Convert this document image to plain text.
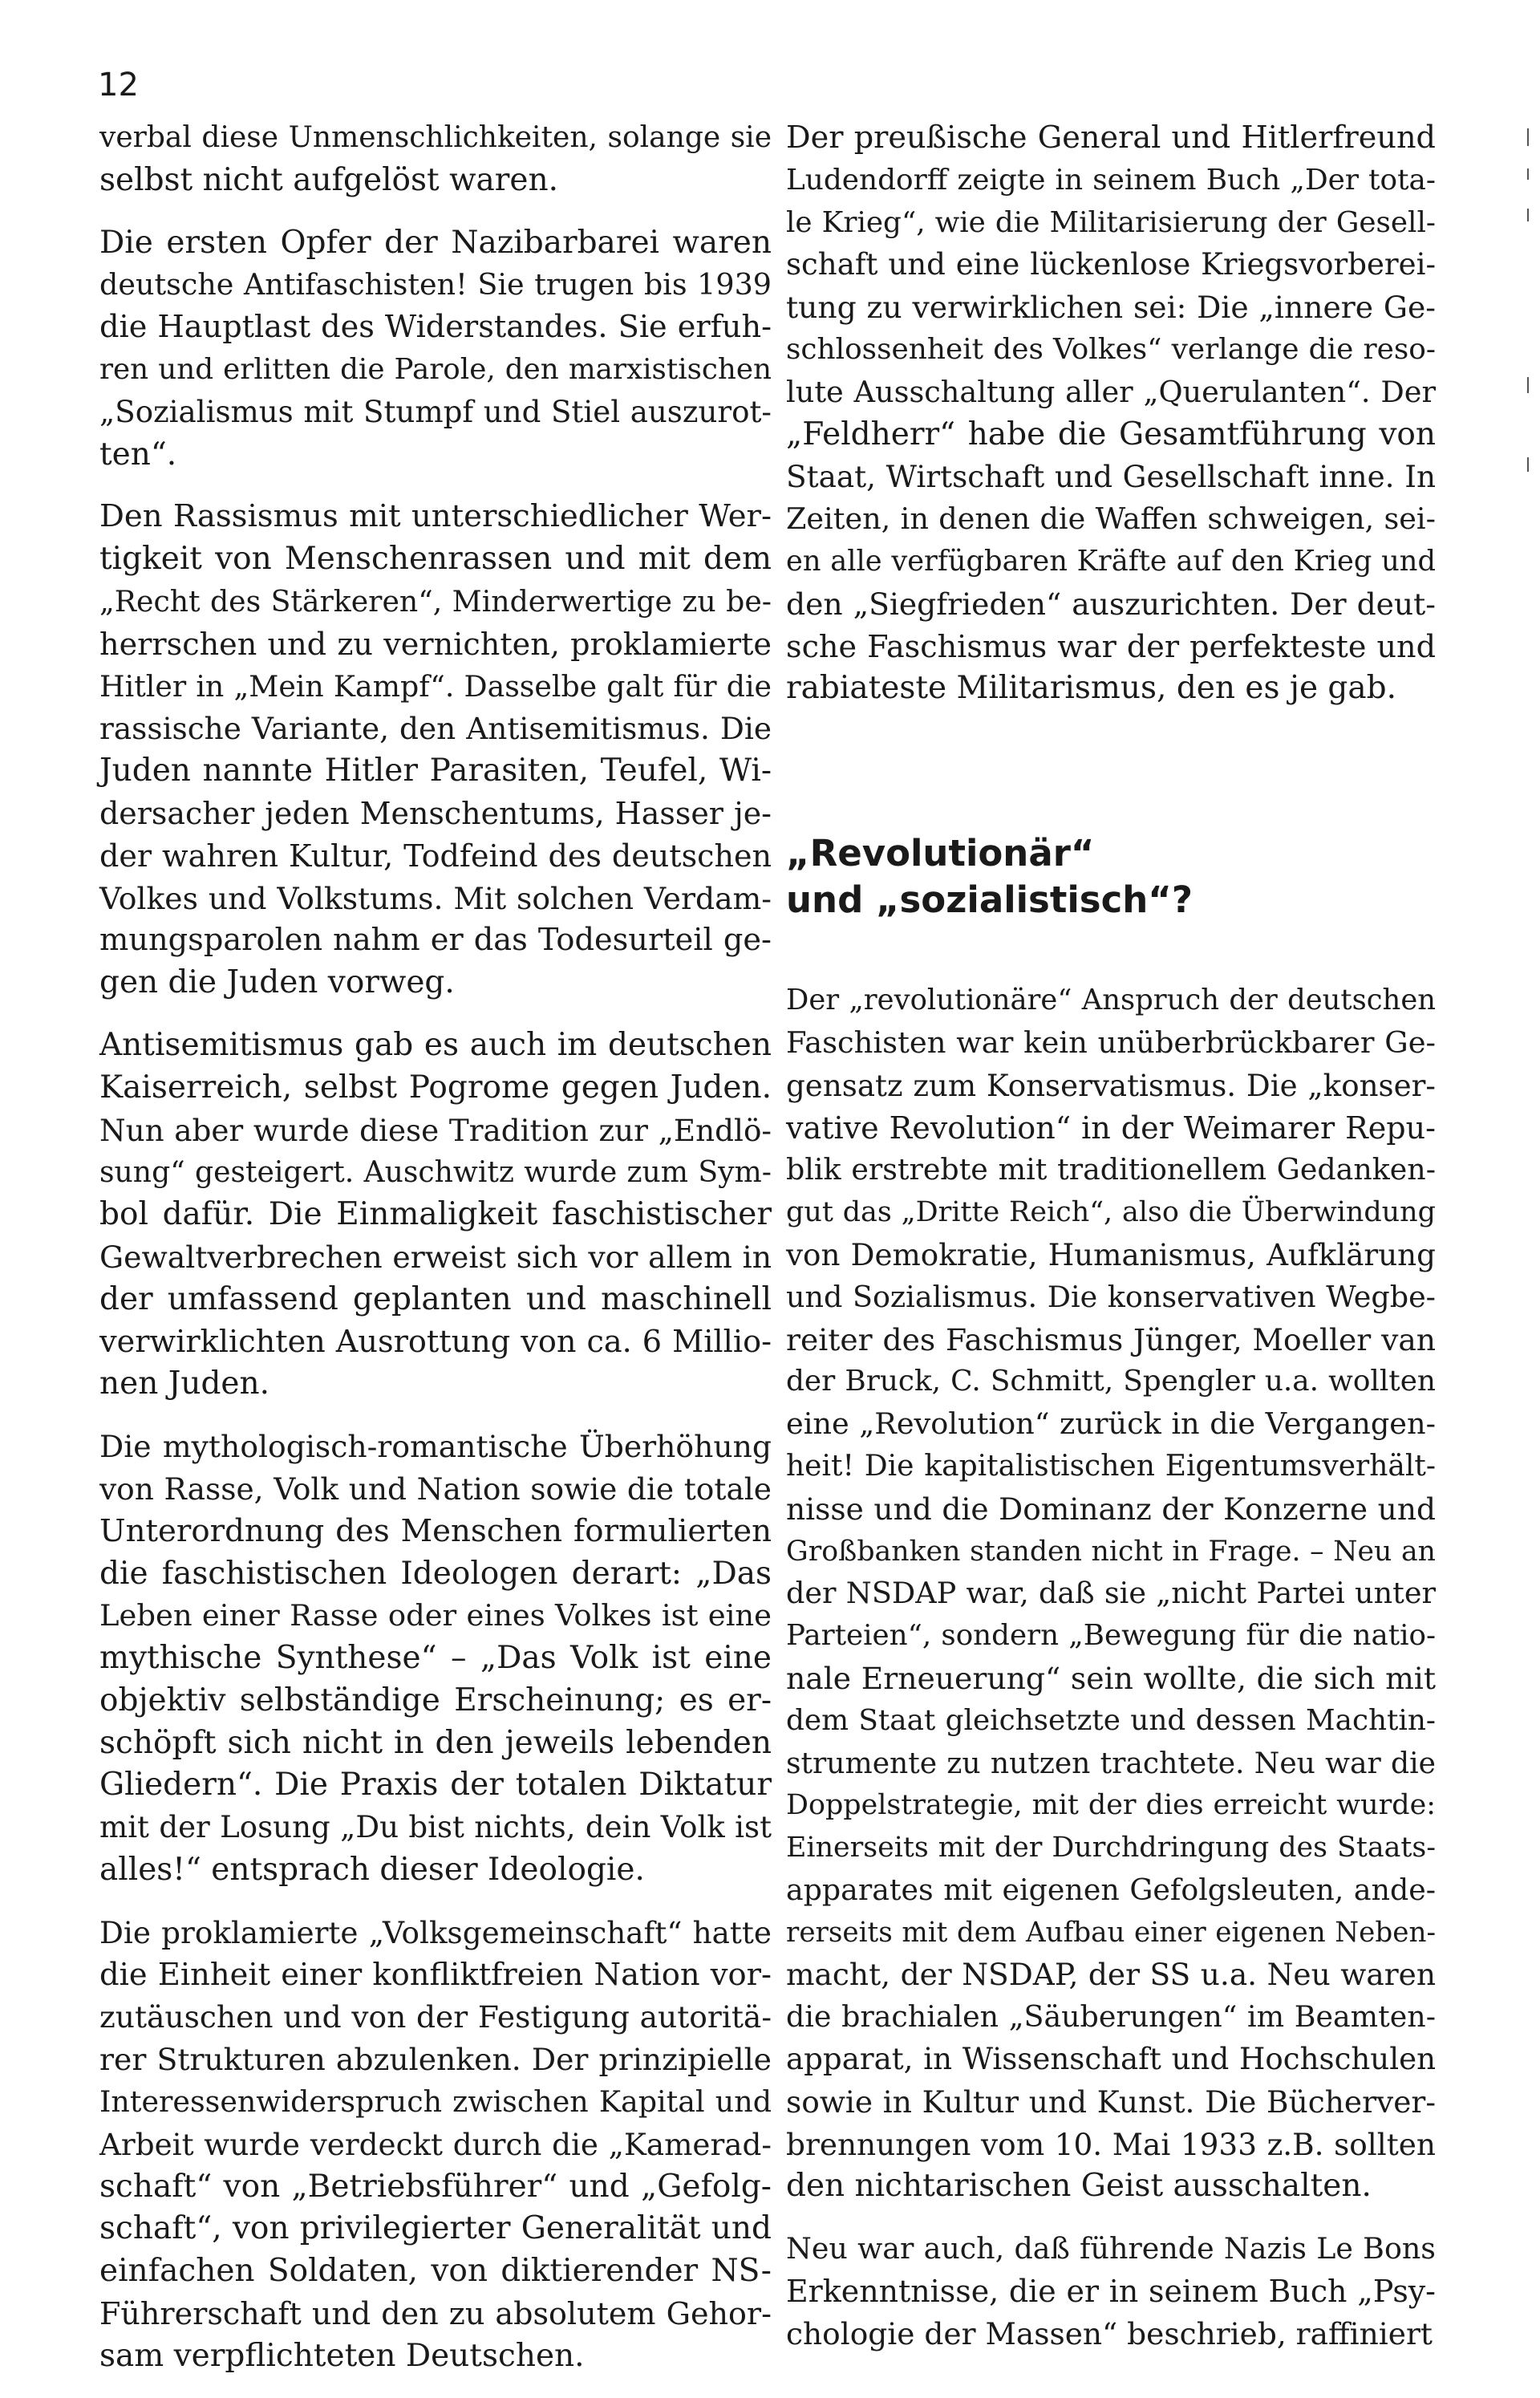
12
verbal diese Unmenschlichkeiten, solange sie
selbst nicht aufgelöst waren.
Die ersten Opfer der Nazibarbarei waren
deutsche Antifaschisten! Sie trugen bis 1939
die Hauptlast des Widerstandes. Sie erfuh-
ren und erlitten die Parole, den marxistischen
„Sozialismus mit Stumpf und Stiel auszurot-
ten“.
Den Rassismus mit unterschiedlicher Wer-
tigkeit von Menschenrassen und mit dem
„Recht des Stärkeren“, Minderwertige zu be-
herrschen und zu vernichten, proklamierte
Hitler in „Mein Kampf“. Dasselbe galt für die
rassische Variante, den Antisemitismus. Die
Juden nannte Hitler Parasiten, Teufel, Wi-
dersacher jeden Menschentums, Hasser je-
der wahren Kultur, Todfeind des deutschen
Volkes und Volkstums. Mit solchen Verdam-
mungsparolen nahm er das Todesurteil ge-
gen die Juden vorweg.
Antisemitismus gab es auch im deutschen
Kaiserreich, selbst Pogrome gegen Juden.
Nun aber wurde diese Tradition zur „Endlö-
sung“ gesteigert. Auschwitz wurde zum Sym-
bol dafür. Die Einmaligkeit faschistischer
Gewaltverbrechen erweist sich vor allem in
der umfassend geplanten und maschinell
verwirklichten Ausrottung von ca. 6 Millio-
nen Juden.
Die mythologisch-romantische Überhöhung
von Rasse, Volk und Nation sowie die totale
Unterordnung des Menschen formulierten
die faschistischen Ideologen derart: „Das
Leben einer Rasse oder eines Volkes ist eine
mythische Synthese“ – „Das Volk ist eine
objektiv selbständige Erscheinung; es er-
schöpft sich nicht in den jeweils lebenden
Gliedern“. Die Praxis der totalen Diktatur
mit der Losung „Du bist nichts, dein Volk ist
alles!“ entsprach dieser Ideologie.
Die proklamierte „Volksgemeinschaft“ hatte
die Einheit einer konfliktfreien Nation vor-
zutäuschen und von der Festigung autoritä-
rer Strukturen abzulenken. Der prinzipielle
Interessenwiderspruch zwischen Kapital und
Arbeit wurde verdeckt durch die „Kamerad-
schaft“ von „Betriebsführer“ und „Gefolg-
schaft“, von privilegierter Generalität und
einfachen Soldaten, von diktierender NS-
Führerschaft und den zu absolutem Gehor-
sam verpflichteten Deutschen.
Der preußische General und Hitlerfreund
Ludendorff zeigte in seinem Buch „Der tota-
le Krieg“, wie die Militarisierung der Gesell-
schaft und eine lückenlose Kriegsvorberei-
tung zu verwirklichen sei: Die „innere Ge-
schlossenheit des Volkes“ verlange die reso-
lute Ausschaltung aller „Querulanten“. Der
„Feldherr“ habe die Gesamtführung von
Staat, Wirtschaft und Gesellschaft inne. In
Zeiten, in denen die Waffen schweigen, sei-
en alle verfügbaren Kräfte auf den Krieg und
den „Siegfrieden“ auszurichten. Der deut-
sche Faschismus war der perfekteste und
rabiateste Militarismus, den es je gab.
„Revolutionär“
und „sozialistisch“?
Der „revolutionäre“ Anspruch der deutschen
Faschisten war kein unüberbrückbarer Ge-
gensatz zum Konservatismus. Die „konser-
vative Revolution“ in der Weimarer Repu-
blik erstrebte mit traditionellem Gedanken-
gut das „Dritte Reich“, also die Überwindung
von Demokratie, Humanismus, Aufklärung
und Sozialismus. Die konservativen Wegbe-
reiter des Faschismus Jünger, Moeller van
der Bruck, C. Schmitt, Spengler u.a. wollten
eine „Revolution“ zurück in die Vergangen-
heit! Die kapitalistischen Eigentumsverhält-
nisse und die Dominanz der Konzerne und
Großbanken standen nicht in Frage. – Neu an
der NSDAP war, daß sie „nicht Partei unter
Parteien“, sondern „Bewegung für die natio-
nale Erneuerung“ sein wollte, die sich mit
dem Staat gleichsetzte und dessen Machtin-
strumente zu nutzen trachtete. Neu war die
Doppelstrategie, mit der dies erreicht wurde:
Einerseits mit der Durchdringung des Staats-
apparates mit eigenen Gefolgsleuten, ande-
rerseits mit dem Aufbau einer eigenen Neben-
macht, der NSDAP, der SS u.a. Neu waren
die brachialen „Säuberungen“ im Beamten-
apparat, in Wissenschaft und Hochschulen
sowie in Kultur und Kunst. Die Bücherver-
brennungen vom 10. Mai 1933 z.B. sollten
den nichtarischen Geist ausschalten.
Neu war auch, daß führende Nazis Le Bons
Erkenntnisse, die er in seinem Buch „Psy-
chologie der Massen“ beschrieb, raffiniert
